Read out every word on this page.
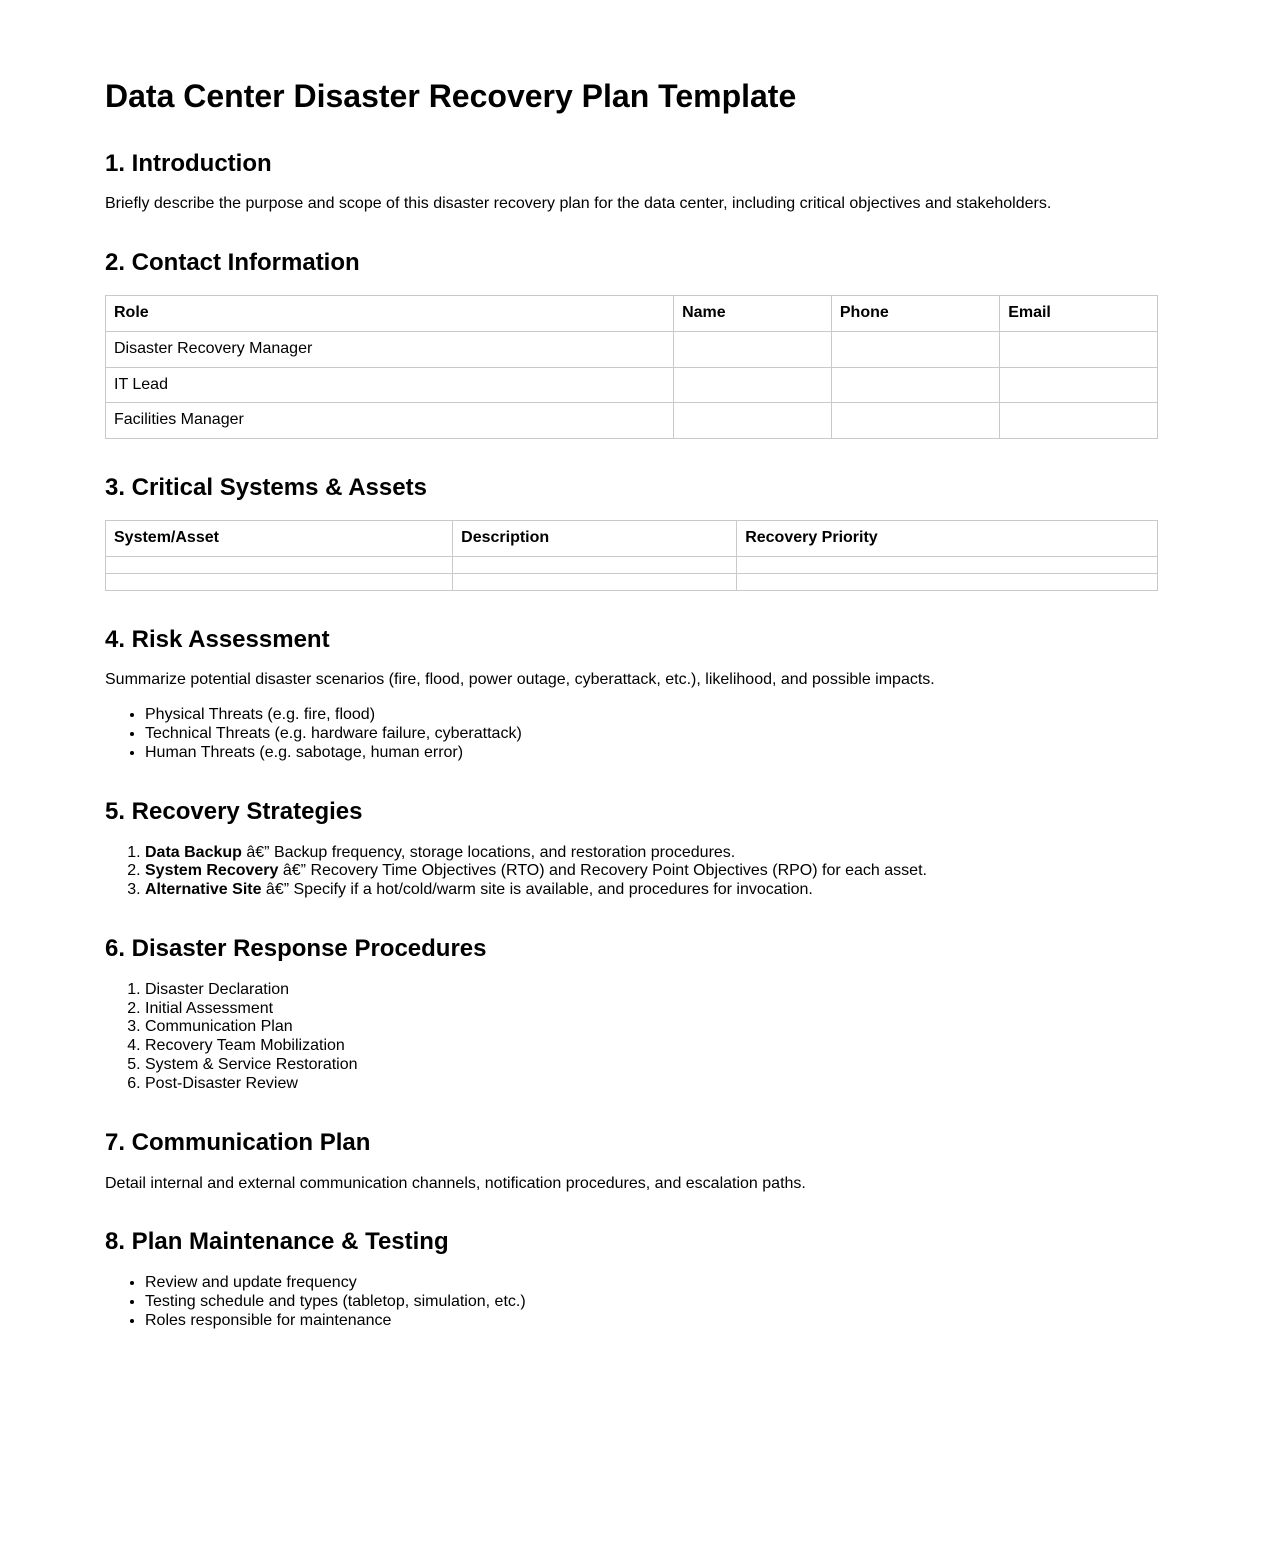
Data Center Disaster Recovery Plan Template
1. Introduction

Briefly describe the purpose and scope of this disaster recovery plan for the data center, including critical objectives and stakeholders.

2. Contact Information
Role	Name	Phone	Email
Disaster Recovery Manager			
IT Lead			
Facilities Manager			
3. Critical Systems & Assets
System/Asset	Description	Recovery Priority

4. Risk Assessment

Summarize potential disaster scenarios (fire, flood, power outage, cyberattack, etc.), likelihood, and possible impacts.

• Physical Threats (e.g. fire, flood)
• Technical Threats (e.g. hardware failure, cyberattack)
• Human Threats (e.g. sabotage, human error)
5. Recovery Strategies
1. Data Backup â€” Backup frequency, storage locations, and restoration procedures.
2. System Recovery â€” Recovery Time Objectives (RTO) and Recovery Point Objectives (RPO) for each asset.
3. Alternative Site â€” Specify if a hot/cold/warm site is available, and procedures for invocation.
6. Disaster Response Procedures
1. Disaster Declaration
2. Initial Assessment
3. Communication Plan
4. Recovery Team Mobilization
5. System & Service Restoration
6. Post-Disaster Review
7. Communication Plan

Detail internal and external communication channels, notification procedures, and escalation paths.

8. Plan Maintenance & Testing
• Review and update frequency
• Testing schedule and types (tabletop, simulation, etc.)
• Roles responsible for maintenance
